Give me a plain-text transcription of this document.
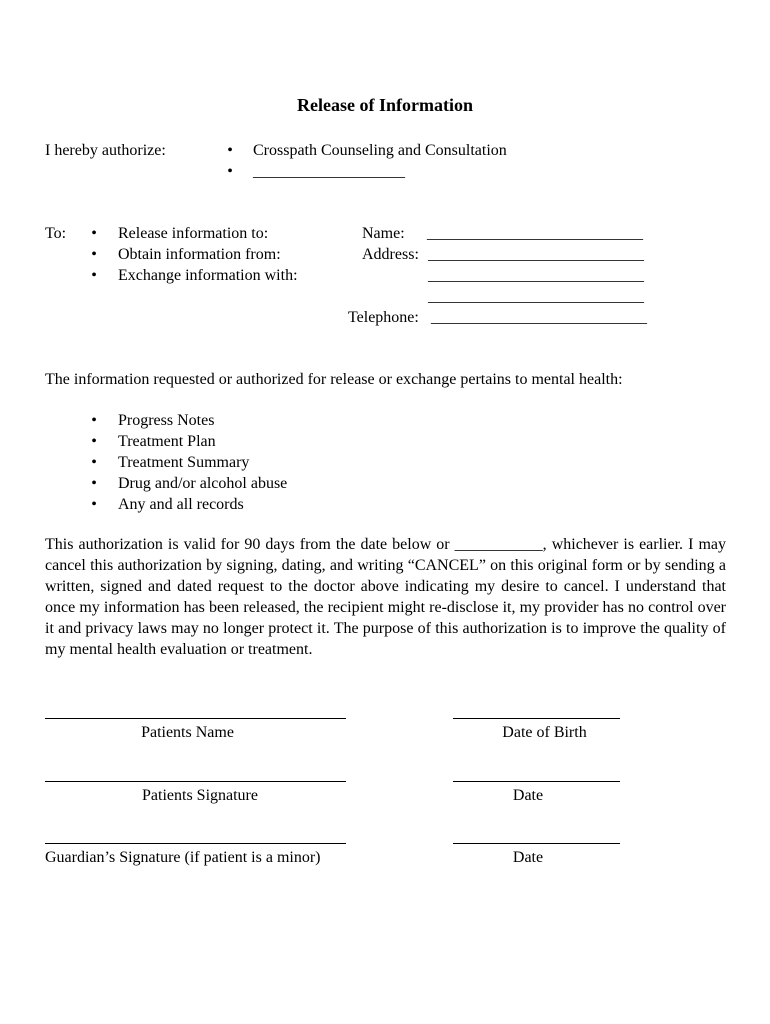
Release of Information
I hereby authorize:	• Crosspath Counseling and Consultation
• ___________________
To: • Release information to:
• Obtain information from:
• Exchange information with:
Name: ___________________________
Address: ___________________________
___________________________
___________________________
Telephone: ___________________________
The information requested or authorized for release or exchange pertains to mental health:
• Progress Notes
• Treatment Plan
• Treatment Summary
• Drug and/or alcohol abuse
• Any and all records
This authorization is valid for 90 days from the date below or ___________, whichever is earlier. I may cancel this authorization by signing, dating, and writing “CANCEL” on this original form or by sending a written, signed and dated request to the doctor above indicating my desire to cancel. I understand that once my information has been released, the recipient might re-disclose it, my provider has no control over it and privacy laws may no longer protect it. The purpose of this authorization is to improve the quality of my mental health evaluation or treatment.
Patients Name	Date of Birth
Patients Signature	Date
Guardian’s Signature (if patient is a minor)	Date
